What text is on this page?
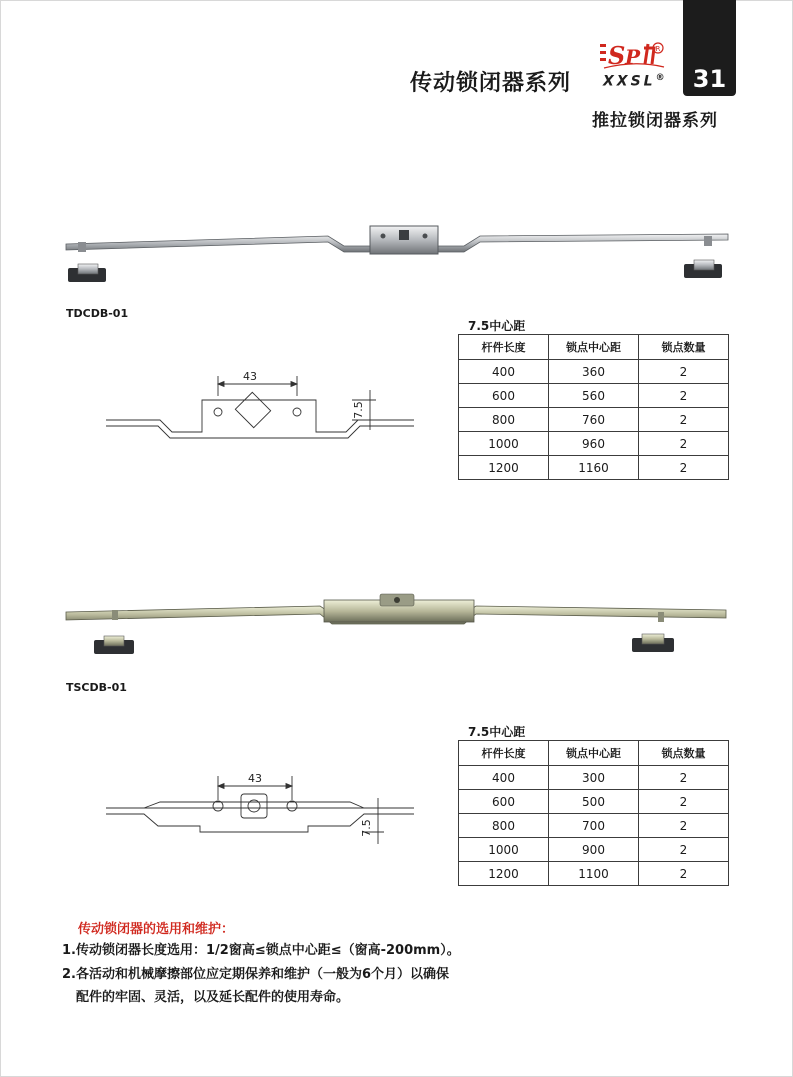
31
传动锁闭器系列
推拉锁闭器系列
S P R
XXSL®
TDCDB-01
43
7.5
7.5中心距
杆件长度	锁点中心距	锁点数量
400	360	2
600	560	2
800	760	2
1000	960	2
1200	1160	2
TSCDB-01
43
7.5
7.5中心距
杆件长度	锁点中心距	锁点数量
400	300	2
600	500	2
800	700	2
1000	900	2
1200	1100	2
传动锁闭器的选用和维护：
1.传动锁闭器长度选用：1/2窗高≤锁点中心距≤（窗高-200mm）。
2.各活动和机械摩擦部位应定期保养和维护（一般为6个月）以确保
配件的牢固、灵活，以及延长配件的使用寿命。
